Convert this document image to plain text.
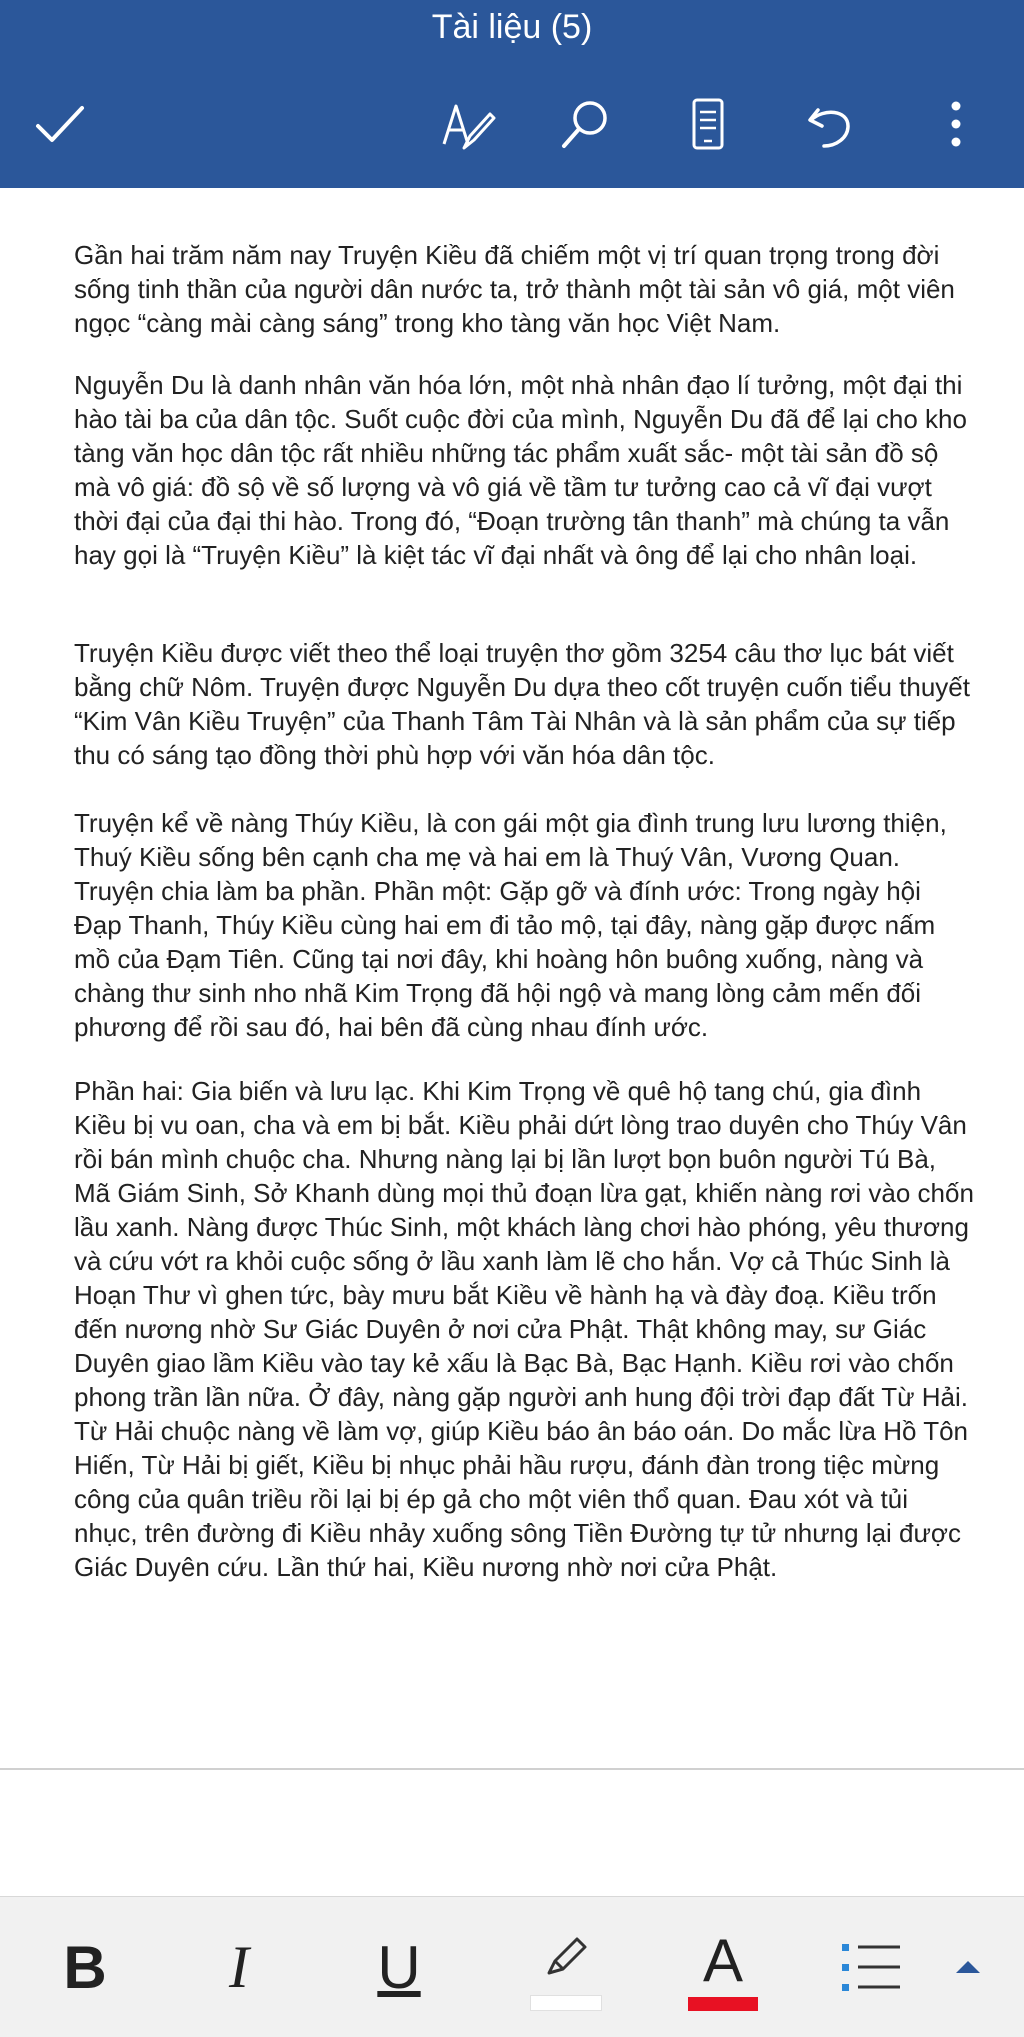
Tài liệu (5)

Gần hai trăm năm nay Truyện Kiều đã chiếm một vị trí quan trọng trong đời sống tinh thần của người dân nước ta, trở thành một tài sản vô giá, một viên ngọc “càng mài càng sáng” trong kho tàng văn học Việt Nam.

Nguyễn Du là danh nhân văn hóa lớn, một nhà nhân đạo lí tưởng, một đại thi hào tài ba của dân tộc. Suốt cuộc đời của mình, Nguyễn Du đã để lại cho kho tàng văn học dân tộc rất nhiều những tác phẩm xuất sắc- một tài sản đồ sộ mà vô giá: đồ sộ về số lượng và vô giá về tầm tư tưởng cao cả vĩ đại vượt thời đại của đại thi hào. Trong đó, “Đoạn trường tân thanh” mà chúng ta vẫn hay gọi là “Truyện Kiều” là kiệt tác vĩ đại nhất và ông để lại cho nhân loại.

Truyện Kiều được viết theo thể loại truyện thơ gồm 3254 câu thơ lục bát viết bằng chữ Nôm. Truyện được Nguyễn Du dựa theo cốt truyện cuốn tiểu thuyết “Kim Vân Kiều Truyện” của Thanh Tâm Tài Nhân và là sản phẩm của sự tiếp thu có sáng tạo đồng thời phù hợp với văn hóa dân tộc.

Truyện kể về nàng Thúy Kiều, là con gái một gia đình trung lưu lương thiện, Thuý Kiều sống bên cạnh cha mẹ và hai em là Thuý Vân, Vương Quan. Truyện chia làm ba phần. Phần một: Gặp gỡ và đính ước: Trong ngày hội Đạp Thanh, Thúy Kiều cùng hai em đi tảo mộ, tại đây, nàng gặp được nấm mồ của Đạm Tiên. Cũng tại nơi đây, khi hoàng hôn buông xuống, nàng và chàng thư sinh nho nhã Kim Trọng đã hội ngộ và mang lòng cảm mến đối phương để rồi sau đó, hai bên đã cùng nhau đính ước.

Phần hai: Gia biến và lưu lạc. Khi Kim Trọng về quê hộ tang chú, gia đình Kiều bị vu oan, cha và em bị bắt. Kiều phải dứt lòng trao duyên cho Thúy Vân rồi bán mình chuộc cha. Nhưng nàng lại bị lần lượt bọn buôn người Tú Bà, Mã Giám Sinh, Sở Khanh dùng mọi thủ đoạn lừa gạt, khiến nàng rơi vào chốn lầu xanh. Nàng được Thúc Sinh, một khách làng chơi hào phóng, yêu thương và cứu vớt ra khỏi cuộc sống ở lầu xanh làm lẽ cho hắn. Vợ cả Thúc Sinh là Hoạn Thư vì ghen tức, bày mưu bắt Kiều về hành hạ và đày đoạ. Kiều trốn đến nương nhờ Sư Giác Duyên ở nơi cửa Phật. Thật không may, sư Giác Duyên giao lầm Kiều vào tay kẻ xấu là Bạc Bà, Bạc Hạnh. Kiều rơi vào chốn phong trần lần nữa. Ở đây, nàng gặp người anh hung đội trời đạp đất Từ Hải. Từ Hải chuộc nàng về làm vợ, giúp Kiều báo ân báo oán. Do mắc lừa Hồ Tôn Hiến, Từ Hải bị giết, Kiều bị nhục phải hầu rượu, đánh đàn trong tiệc mừng công của quân triều rồi lại bị ép gả cho một viên thổ quan. Đau xót và tủi nhục, trên đường đi Kiều nhảy xuống sông Tiền Đường tự tử nhưng lại được Giác Duyên cứu. Lần thứ hai, Kiều nương nhờ nơi cửa Phật.

B I U	A
